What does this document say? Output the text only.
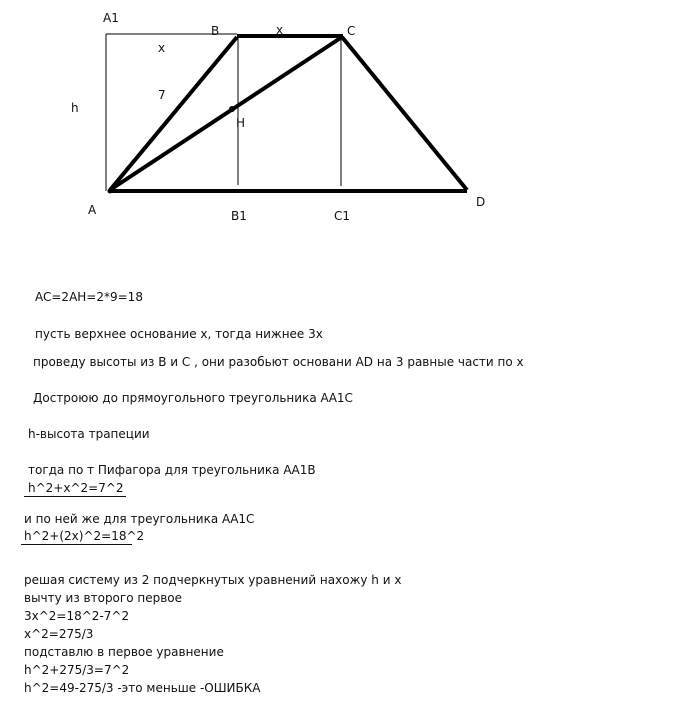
A1
B	x	C
x
7
h
H
A	B1	C1
D
AC=2AH=2*9=18
пусть верхнее основание х, тогда нижнее 3х
проведу высоты из В и С , они разобьют основани AD на 3 равные части по х
Достроюю до прямоугольного треугольника АА1С
h-высота трапеции
тогда по т Пифагора для треугольника АА1В
h^2+x^2=7^2
и по ней же для треугольника АА1С
h^2+(2x)^2=18^2
решая систему из 2 подчеркнутых уравнений нахожу h и х
вычту из второго первое
3x^2=18^2-7^2
x^2=275/3
подставлю в первое уравнение
h^2+275/3=7^2
h^2=49-275/3 -это меньше -ОШИБКА
